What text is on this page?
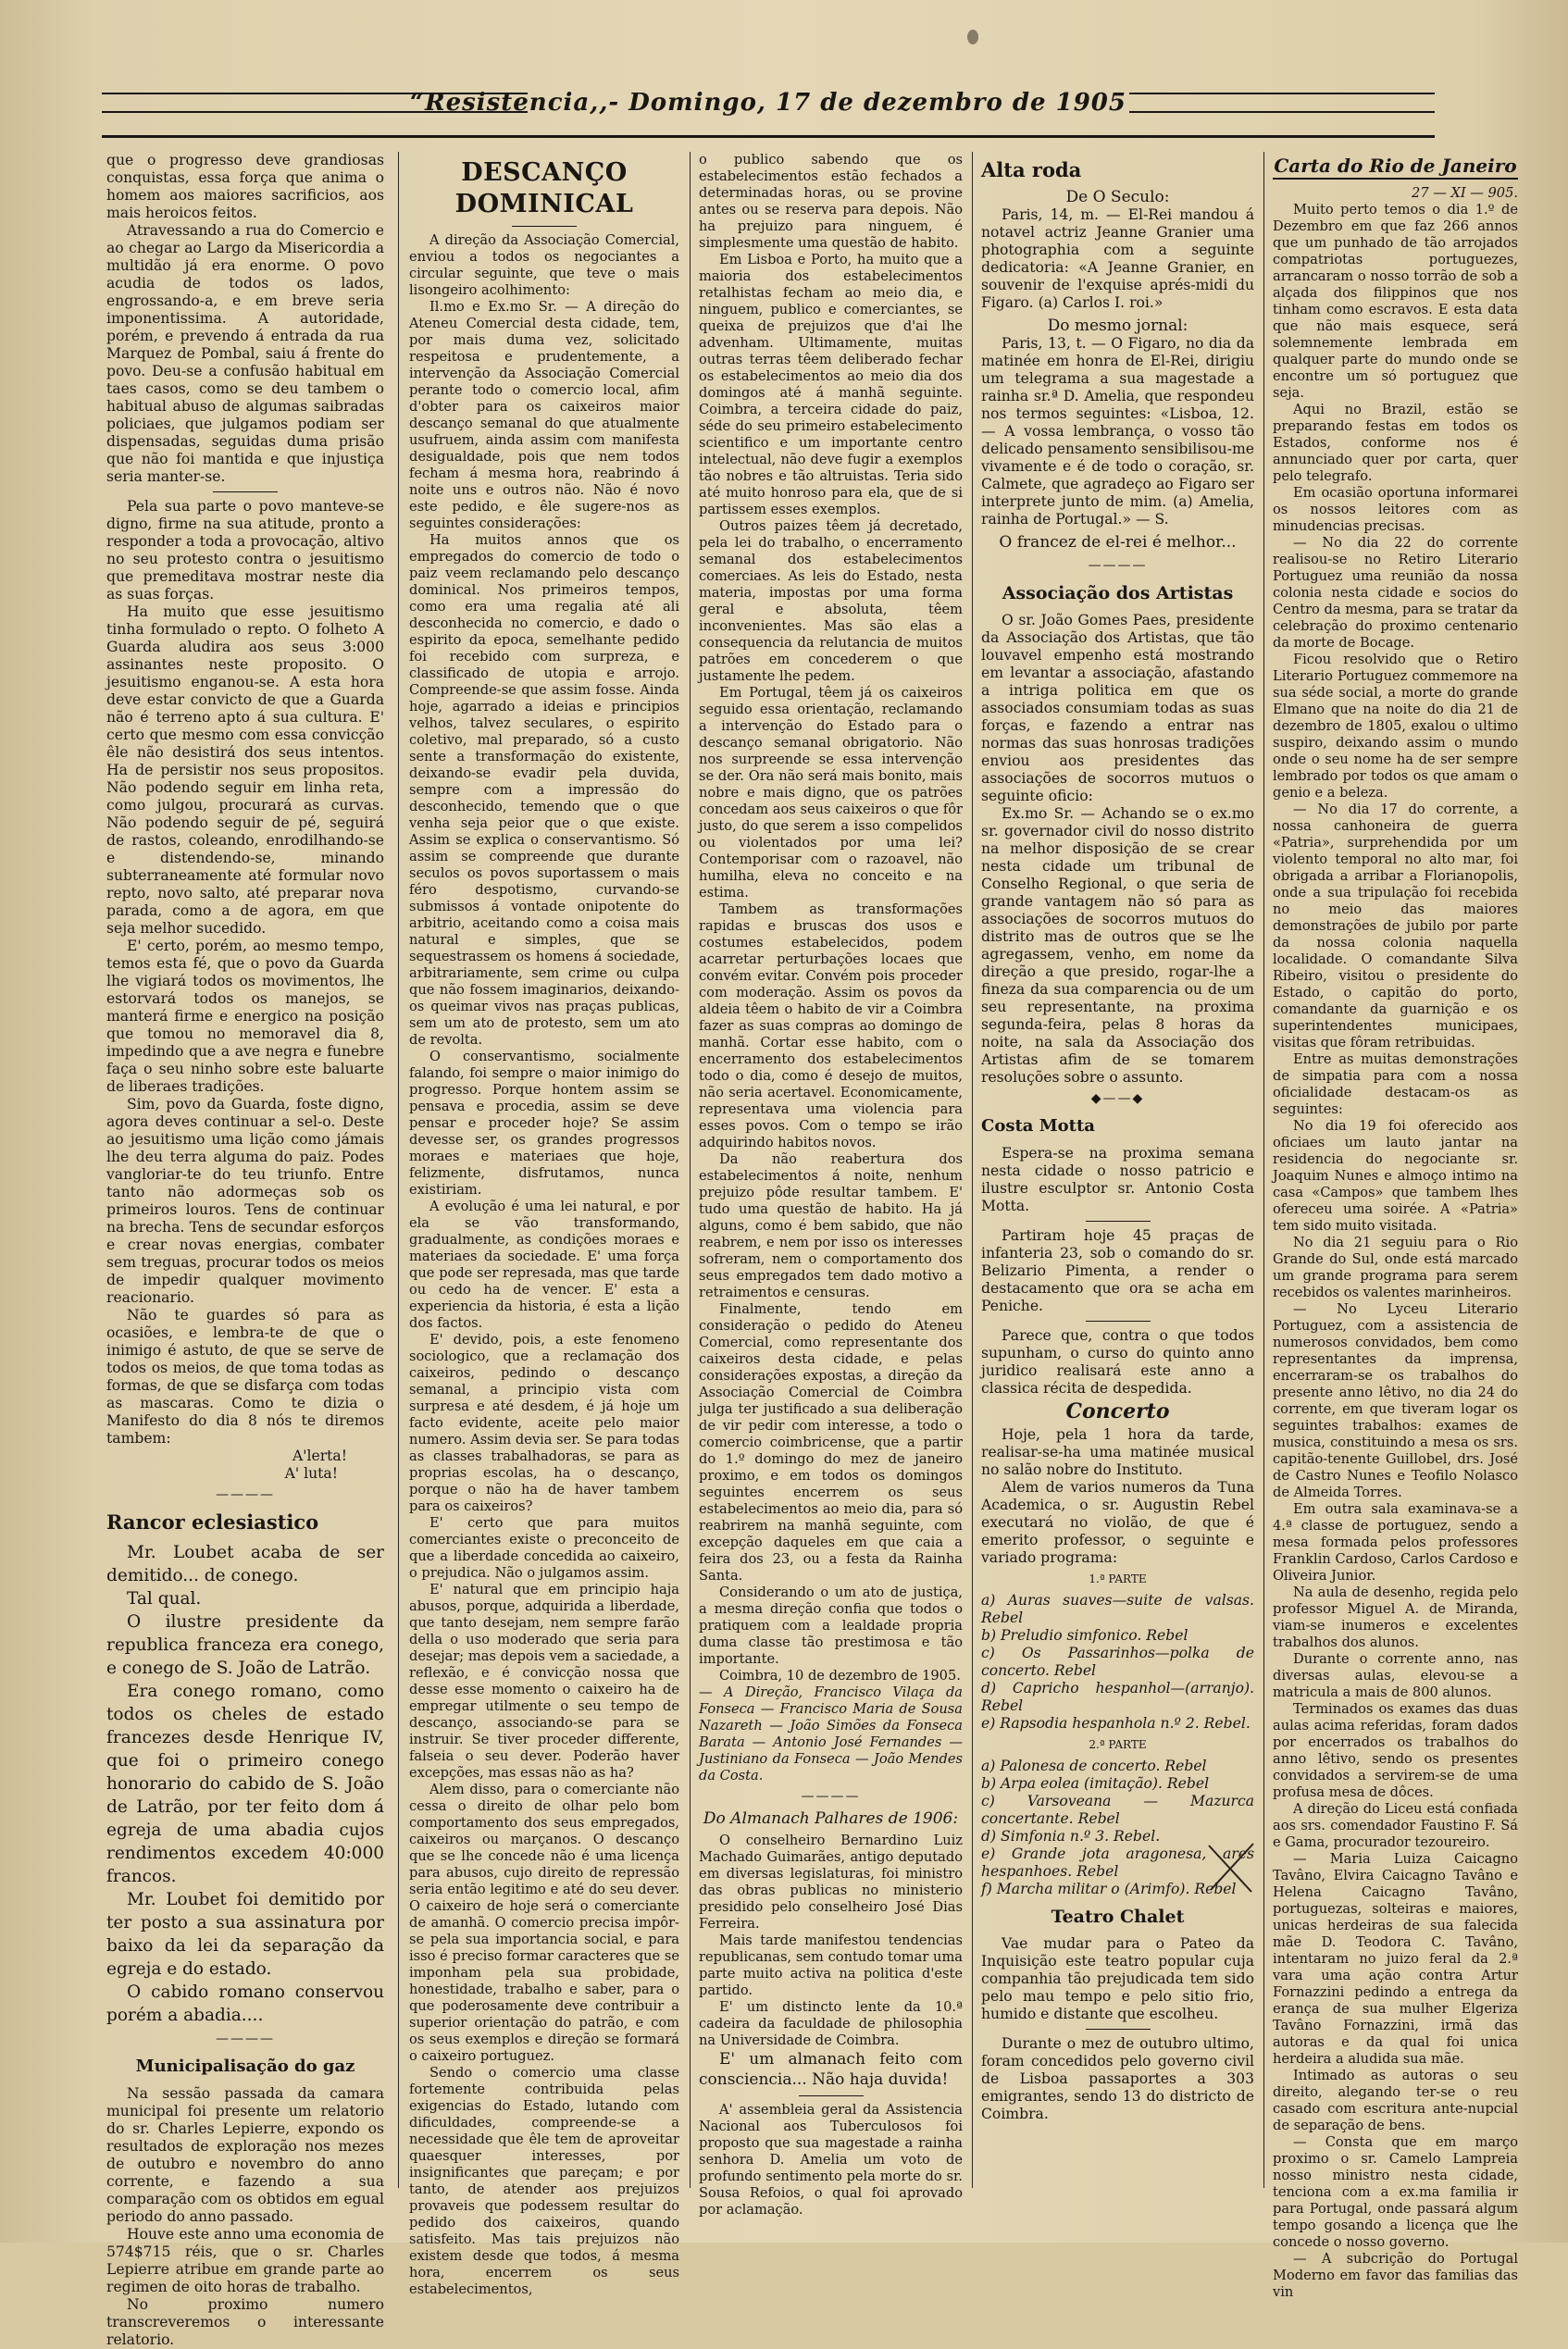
“Resistencia,,- Domingo, 17 de dezembro de 1905

que o progresso deve grandiosas conquistas, essa força que anima o homem aos maiores sacrificios, aos mais heroicos feitos.

Atravessando a rua do Comercio e ao chegar ao Largo da Misericordia a multidão já era enorme. O povo acudia de todos os lados, engrossando-a, e em breve seria imponentissima. A autoridade, porém, e prevendo á entrada da rua Marquez de Pombal, saiu á frente do povo. Deu-se a confusão habitual em taes casos, como se deu tambem o habitual abuso de algumas saibradas policiaes, que julgamos podiam ser dispensadas, seguidas duma prisão que não foi mantida e que injustiça seria manter-se.

Pela sua parte o povo manteve-se digno, firme na sua atitude, pronto a responder a toda a provocação, altivo no seu protesto contra o jesuitismo que premeditava mostrar neste dia as suas forças.

Ha muito que esse jesuitismo tinha formulado o repto. O folheto A Guarda aludira aos seus 3:000 assinantes neste proposito. O jesuitismo enganou-se. A esta hora deve estar convicto de que a Guarda não é terreno apto á sua cultura. E' certo que mesmo com essa convicção êle não desistirá dos seus intentos. Ha de persistir nos seus propositos. Não podendo seguir em linha reta, como julgou, procurará as curvas. Não podendo seguir de pé, seguirá de rastos, coleando, enrodilhando-se e distendendo-se, minando subterraneamente até formular novo repto, novo salto, até preparar nova parada, como a de agora, em que seja melhor sucedido.

E' certo, porém, ao mesmo tempo, temos esta fé, que o povo da Guarda lhe vigiará todos os movimentos, lhe estorvará todos os manejos, se manterá firme e energico na posição que tomou no memoravel dia 8, impedindo que a ave negra e funebre faça o seu ninho sobre este baluarte de liberaes tradições.

Sim, povo da Guarda, foste digno, agora deves continuar a sel-o. Deste ao jesuitismo uma lição como jámais lhe deu terra alguma do paiz. Podes vangloriar-te do teu triunfo. Entre tanto não adormeças sob os primeiros louros. Tens de continuar na brecha. Tens de secundar esforços e crear novas energias, combater sem treguas, procurar todos os meios de impedir qualquer movimento reacionario.

Não te guardes só para as ocasiões, e lembra-te de que o inimigo é astuto, de que se serve de todos os meios, de que toma todas as formas, de que se disfarça com todas as mascaras. Como te dizia o Manifesto do dia 8 nós te diremos tambem:

A'lerta!

A' luta!

————
Rancor eclesiastico

Mr. Loubet acaba de ser demitido... de conego.

Tal qual.

O ilustre presidente da republica franceza era conego, e conego de S. João de Latrão.

Era conego romano, como todos os cheles de estado francezes desde Henrique IV, que foi o primeiro conego honorario do cabido de S. João de Latrão, por ter feito dom á egreja de uma abadia cujos rendimentos excedem 40:000 francos.

Mr. Loubet foi demitido por ter posto a sua assinatura por baixo da lei da separação da egreja e do estado.

O cabido romano conservou porém a abadia....

————
Municipalisação do gaz

Na sessão passada da camara municipal foi presente um relatorio do sr. Charles Lepierre, expondo os resultados de exploração nos mezes de outubro e novembro do anno corrente, e fazendo a sua comparação com os obtidos em egual periodo do anno passado.

Houve este anno uma economia de 574$715 réis, que o sr. Charles Lepierre atribue em grande parte ao regimen de oito horas de trabalho.

No proximo numero transcreveremos o interessante relatorio.

DESCANÇO DOMINICAL

A direção da Associação Comercial, enviou a todos os negociantes a circular seguinte, que teve o mais lisongeiro acolhimento:

Il.mo e Ex.mo Sr. — A direção do Ateneu Comercial desta cidade, tem, por mais duma vez, solicitado respeitosa e prudentemente, a intervenção da Associação Comercial perante todo o comercio local, afim d'obter para os caixeiros maior descanço semanal do que atualmente usufruem, ainda assim com manifesta desigualdade, pois que nem todos fecham á mesma hora, reabrindo á noite uns e outros não. Não é novo este pedido, e êle sugere-nos as seguintes considerações:

Ha muitos annos que os empregados do comercio de todo o paiz veem reclamando pelo descanço dominical. Nos primeiros tempos, como era uma regalia até ali desconhecida no comercio, e dado o espirito da epoca, semelhante pedido foi recebido com surpreza, e classificado de utopia e arrojo. Compreende-se que assim fosse. Ainda hoje, agarrado a ideias e principios velhos, talvez seculares, o espirito coletivo, mal preparado, só a custo sente a transformação do existente, deixando-se evadir pela duvida, sempre com a impressão do desconhecido, temendo que o que venha seja peior que o que existe. Assim se explica o conservantismo. Só assim se compreende que durante seculos os povos suportassem o mais féro despotismo, curvando-se submissos á vontade onipotente do arbitrio, aceitando como a coisa mais natural e simples, que se sequestrassem os homens á sociedade, arbitrariamente, sem crime ou culpa que não fossem imaginarios, deixando-os queimar vivos nas praças publicas, sem um ato de protesto, sem um ato de revolta.

O conservantismo, socialmente falando, foi sempre o maior inimigo do progresso. Porque hontem assim se pensava e procedia, assim se deve pensar e proceder hoje? Se assim devesse ser, os grandes progressos moraes e materiaes que hoje, felizmente, disfrutamos, nunca existiriam.

A evolução é uma lei natural, e por ela se vão transformando, gradualmente, as condições moraes e materiaes da sociedade. E' uma força que pode ser represada, mas que tarde ou cedo ha de vencer. E' esta a experiencia da historia, é esta a lição dos factos.

E' devido, pois, a este fenomeno sociologico, que a reclamação dos caixeiros, pedindo o descanço semanal, a principio vista com surpresa e até desdem, é já hoje um facto evidente, aceite pelo maior numero. Assim devia ser. Se para todas as classes trabalhadoras, se para as proprias escolas, ha o descanço, porque o não ha de haver tambem para os caixeiros?

E' certo que para muitos comerciantes existe o preconceito de que a liberdade concedida ao caixeiro, o prejudica. Não o julgamos assim.

E' natural que em principio haja abusos, porque, adquirida a liberdade, que tanto desejam, nem sempre farão della o uso moderado que seria para desejar; mas depois vem a saciedade, a reflexão, e é convicção nossa que desse esse momento o caixeiro ha de empregar utilmente o seu tempo de descanço, associando-se para se instruir. Se tiver proceder differente, falseia o seu dever. Poderão haver excepções, mas essas não as ha?

Alem disso, para o comerciante não cessa o direito de olhar pelo bom comportamento dos seus empregados, caixeiros ou marçanos. O descanço que se lhe concede não é uma licença para abusos, cujo direito de repressão seria então legitimo e até do seu dever. O caixeiro de hoje será o comerciante de amanhã. O comercio precisa impôr-se pela sua importancia social, e para isso é preciso formar caracteres que se imponham pela sua probidade, honestidade, trabalho e saber, para o que poderosamente deve contribuir a superior orientação do patrão, e com os seus exemplos e direção se formará o caixeiro portuguez.

Sendo o comercio uma classe fortemente contribuida pelas exigencias do Estado, lutando com dificuldades, compreende-se a necessidade que êle tem de aproveitar quaesquer interesses, por insignificantes que pareçam; e por tanto, de atender aos prejuizos provaveis que podessem resultar do pedido dos caixeiros, quando satisfeito. Mas tais prejuizos não existem desde que todos, á mesma hora, encerrem os seus estabelecimentos,

o publico sabendo que os estabelecimentos estão fechados a determinadas horas, ou se provine antes ou se reserva para depois. Não ha prejuizo para ninguem, é simplesmente uma questão de habito.

Em Lisboa e Porto, ha muito que a maioria dos estabelecimentos retalhistas fecham ao meio dia, e ninguem, publico e comerciantes, se queixa de prejuizos que d'ai lhe advenham. Ultimamente, muitas outras terras têem deliberado fechar os estabelecimentos ao meio dia dos domingos até á manhã seguinte. Coimbra, a terceira cidade do paiz, séde do seu primeiro estabelecimento scientifico e um importante centro intelectual, não deve fugir a exemplos tão nobres e tão altruistas. Teria sido até muito honroso para ela, que de si partissem esses exemplos.

Outros paizes têem já decretado, pela lei do trabalho, o encerramento semanal dos estabelecimentos comerciaes. As leis do Estado, nesta materia, impostas por uma forma geral e absoluta, têem inconvenientes. Mas são elas a consequencia da relutancia de muitos patrões em concederem o que justamente lhe pedem.

Em Portugal, têem já os caixeiros seguido essa orientação, reclamando a intervenção do Estado para o descanço semanal obrigatorio. Não nos surpreende se essa intervenção se der. Ora não será mais bonito, mais nobre e mais digno, que os patrões concedam aos seus caixeiros o que fôr justo, do que serem a isso compelidos ou violentados por uma lei? Contemporisar com o razoavel, não humilha, eleva no conceito e na estima.

Tambem as transformações rapidas e bruscas dos usos e costumes estabelecidos, podem acarretar perturbações locaes que convém evitar. Convém pois proceder com moderação. Assim os povos da aldeia têem o habito de vir a Coimbra fazer as suas compras ao domingo de manhã. Cortar esse habito, com o encerramento dos estabelecimentos todo o dia, como é desejo de muitos, não seria acertavel. Economicamente, representava uma violencia para esses povos. Com o tempo se irão adquirindo habitos novos.

Da não reabertura dos estabelecimentos á noite, nenhum prejuizo pôde resultar tambem. E' tudo uma questão de habito. Ha já alguns, como é bem sabido, que não reabrem, e nem por isso os interesses sofreram, nem o comportamento dos seus empregados tem dado motivo a retraimentos e censuras.

Finalmente, tendo em consideração o pedido do Ateneu Comercial, como representante dos caixeiros desta cidade, e pelas considerações expostas, a direção da Associação Comercial de Coimbra julga ter justificado a sua deliberação de vir pedir com interesse, a todo o comercio coimbricense, que a partir do 1.º domingo do mez de janeiro proximo, e em todos os domingos seguintes encerrem os seus estabelecimentos ao meio dia, para só reabrirem na manhã seguinte, com excepção daqueles em que caia a feira dos 23, ou a festa da Rainha Santa.

Considerando o um ato de justiça, a mesma direção confia que todos o pratiquem com a lealdade propria duma classe tão prestimosa e tão importante.

Coimbra, 10 de dezembro de 1905.

— A Direção, Francisco Vilaça da Fonseca — Francisco Maria de Sousa Nazareth — João Simões da Fonseca Barata — Antonio José Fernandes — Justiniano da Fonseca — João Mendes da Costa.

————
Do Almanach Palhares de 1906:

O conselheiro Bernardino Luiz Machado Guimarães, antigo deputado em diversas legislaturas, foi ministro das obras publicas no ministerio presidido pelo conselheiro José Dias Ferreira.

Mais tarde manifestou tendencias republicanas, sem contudo tomar uma parte muito activa na politica d'este partido.

E' um distincto lente da 10.ª cadeira da faculdade de philosophia na Universidade de Coimbra.

E' um almanach feito com consciencia... Não haja duvida!

A' assembleia geral da Assistencia Nacional aos Tuberculosos foi proposto que sua magestade a rainha senhora D. Amelia um voto de profundo sentimento pela morte do sr. Sousa Refoios, o qual foi aprovado por aclamação.

Alta roda

De O Seculo:

Paris, 14, m. — El-Rei mandou á notavel actriz Jeanne Granier uma photographia com a seguinte dedicatoria: «A Jeanne Granier, en souvenir de l'exquise aprés-midi du Figaro. (a) Carlos I. roi.»

Do mesmo jornal:

Paris, 13, t. — O Figaro, no dia da matinée em honra de El-Rei, dirigiu um telegrama a sua magestade a rainha sr.ª D. Amelia, que respondeu nos termos seguintes: «Lisboa, 12. — A vossa lembrança, o vosso tão delicado pensamento sensibilisou-me vivamente e é de todo o coração, sr. Calmete, que agradeço ao Figaro ser interprete junto de mim. (a) Amelia, rainha de Portugal.» — S.

O francez de el-rei é melhor...

————
Associação dos Artistas

O sr. João Gomes Paes, presidente da Associação dos Artistas, que tão louvavel empenho está mostrando em levantar a associação, afastando a intriga politica em que os associados consumiam todas as suas forças, e fazendo a entrar nas normas das suas honrosas tradições enviou aos presidentes das associações de socorros mutuos o seguinte oficio:

Ex.mo Sr. — Achando se o ex.mo sr. governador civil do nosso distrito na melhor disposição de se crear nesta cidade um tribunal de Conselho Regional, o que seria de grande vantagem não só para as associações de socorros mutuos do distrito mas de outros que se lhe agregassem, venho, em nome da direção a que presido, rogar-lhe a fineza da sua comparencia ou de um seu representante, na proxima segunda-feira, pelas 8 horas da noite, na sala da Associação dos Artistas afim de se tomarem resoluções sobre o assunto.

◆——◆
Costa Motta

Espera-se na proxima semana nesta cidade o nosso patricio e ilustre esculptor sr. Antonio Costa Motta.

Partiram hoje 45 praças de infanteria 23, sob o comando do sr. Belizario Pimenta, a render o destacamento que ora se acha em Peniche.

Parece que, contra o que todos supunham, o curso do quinto anno juridico realisará este anno a classica récita de despedida.

Concerto

Hoje, pela 1 hora da tarde, realisar-se-ha uma matinée musical no salão nobre do Instituto.

Alem de varios numeros da Tuna Academica, o sr. Augustin Rebel executará no violão, de que é emerito professor, o seguinte e variado programa:

1.ª PARTE

a) Auras suaves—suite de valsas. Rebel

b) Preludio simfonico. Rebel

c) Os Passarinhos—polka de concerto. Rebel

d) Capricho hespanhol—(arranjo). Rebel

e) Rapsodia hespanhola n.º 2. Rebel.

2.ª PARTE

a) Palonesa de concerto. Rebel

b) Arpa eolea (imitação). Rebel

c) Varsoveana — Mazurca concertante. Rebel

d) Simfonia n.º 3. Rebel.

e) Grande jota aragonesa, ares hespanhoes. Rebel

f) Marcha militar o (Arimfo). Rebel

Teatro Chalet

Vae mudar para o Pateo da Inquisição este teatro popular cuja companhia tão prejudicada tem sido pelo mau tempo e pelo sitio frio, humido e distante que escolheu.

Durante o mez de outubro ultimo, foram concedidos pelo governo civil de Lisboa passaportes a 303 emigrantes, sendo 13 do districto de Coimbra.

Carta do Rio de Janeiro

27 — XI — 905.

Muito perto temos o dia 1.º de Dezembro em que faz 266 annos que um punhado de tão arrojados compatriotas portuguezes, arrancaram o nosso torrão de sob a alçada dos filippinos que nos tinham como escravos. E esta data que não mais esquece, será solemnemente lembrada em qualquer parte do mundo onde se encontre um só portuguez que seja.

Aqui no Brazil, estão se preparando festas em todos os Estados, conforme nos é annunciado quer por carta, quer pelo telegrafo.

Em ocasião oportuna informarei os nossos leitores com as minudencias precisas.

— No dia 22 do corrente realisou-se no Retiro Literario Portuguez uma reunião da nossa colonia nesta cidade e socios do Centro da mesma, para se tratar da celebração do proximo centenario da morte de Bocage.

Ficou resolvido que o Retiro Literario Portuguez commemore na sua séde social, a morte do grande Elmano que na noite do dia 21 de dezembro de 1805, exalou o ultimo suspiro, deixando assim o mundo onde o seu nome ha de ser sempre lembrado por todos os que amam o genio e a beleza.

— No dia 17 do corrente, a nossa canhoneira de guerra «Patria», surprehendida por um violento temporal no alto mar, foi obrigada a arribar a Florianopolis, onde a sua tripulação foi recebida no meio das maiores demonstrações de jubilo por parte da nossa colonia naquella localidade. O comandante Silva Ribeiro, visitou o presidente do Estado, o capitão do porto, comandante da guarnição e os superintendentes municipaes, visitas que fôram retribuidas.

Entre as muitas demonstrações de simpatia para com a nossa oficialidade destacam-os as seguintes:

No dia 19 foi oferecido aos oficiaes um lauto jantar na residencia do negociante sr. Joaquim Nunes e almoço intimo na casa «Campos» que tambem lhes ofereceu uma soirée. A «Patria» tem sido muito visitada.

No dia 21 seguiu para o Rio Grande do Sul, onde está marcado um grande programa para serem recebidos os valentes marinheiros.

— No Lyceu Literario Portuguez, com a assistencia de numerosos convidados, bem como representantes da imprensa, encerraram-se os trabalhos do presente anno lêtivo, no dia 24 do corrente, em que tiveram logar os seguintes trabalhos: exames de musica, constituindo a mesa os srs. capitão-tenente Guillobel, drs. José de Castro Nunes e Teofilo Nolasco de Almeida Torres.

Em outra sala examinava-se a 4.ª classe de portuguez, sendo a mesa formada pelos professores Franklin Cardoso, Carlos Cardoso e Oliveira Junior.

Na aula de desenho, regida pelo professor Miguel A. de Miranda, viam-se inumeros e excelentes trabalhos dos alunos.

Durante o corrente anno, nas diversas aulas, elevou-se a matricula a mais de 800 alunos.

Terminados os exames das duas aulas acima referidas, foram dados por encerrados os trabalhos do anno lêtivo, sendo os presentes convidados a servirem-se de uma profusa mesa de dôces.

A direção do Liceu está confiada aos srs. comendador Faustino F. Sá e Gama, procurador tezoureiro.

— Maria Luiza Caicagno Tavâno, Elvira Caicagno Tavâno e Helena Caicagno Tavâno, portuguezas, solteiras e maiores, unicas herdeiras de sua falecida mãe D. Teodora C. Tavâno, intentaram no juizo feral da 2.ª vara uma ação contra Artur Fornazzini pedindo a entrega da erança de sua mulher Elgeriza Tavâno Fornazzini, irmã das autoras e da qual foi unica herdeira a aludida sua mãe.

Intimado as autoras o seu direito, alegando ter-se o reu casado com escritura ante-nupcial de separação de bens.

— Consta que em março proximo o sr. Camelo Lampreia nosso ministro nesta cidade, tenciona com a ex.ma familia ir para Portugal, onde passará algum tempo gosando a licença que lhe concede o nosso governo.

— A subcrição do Portugal Moderno em favor das familias das vin
